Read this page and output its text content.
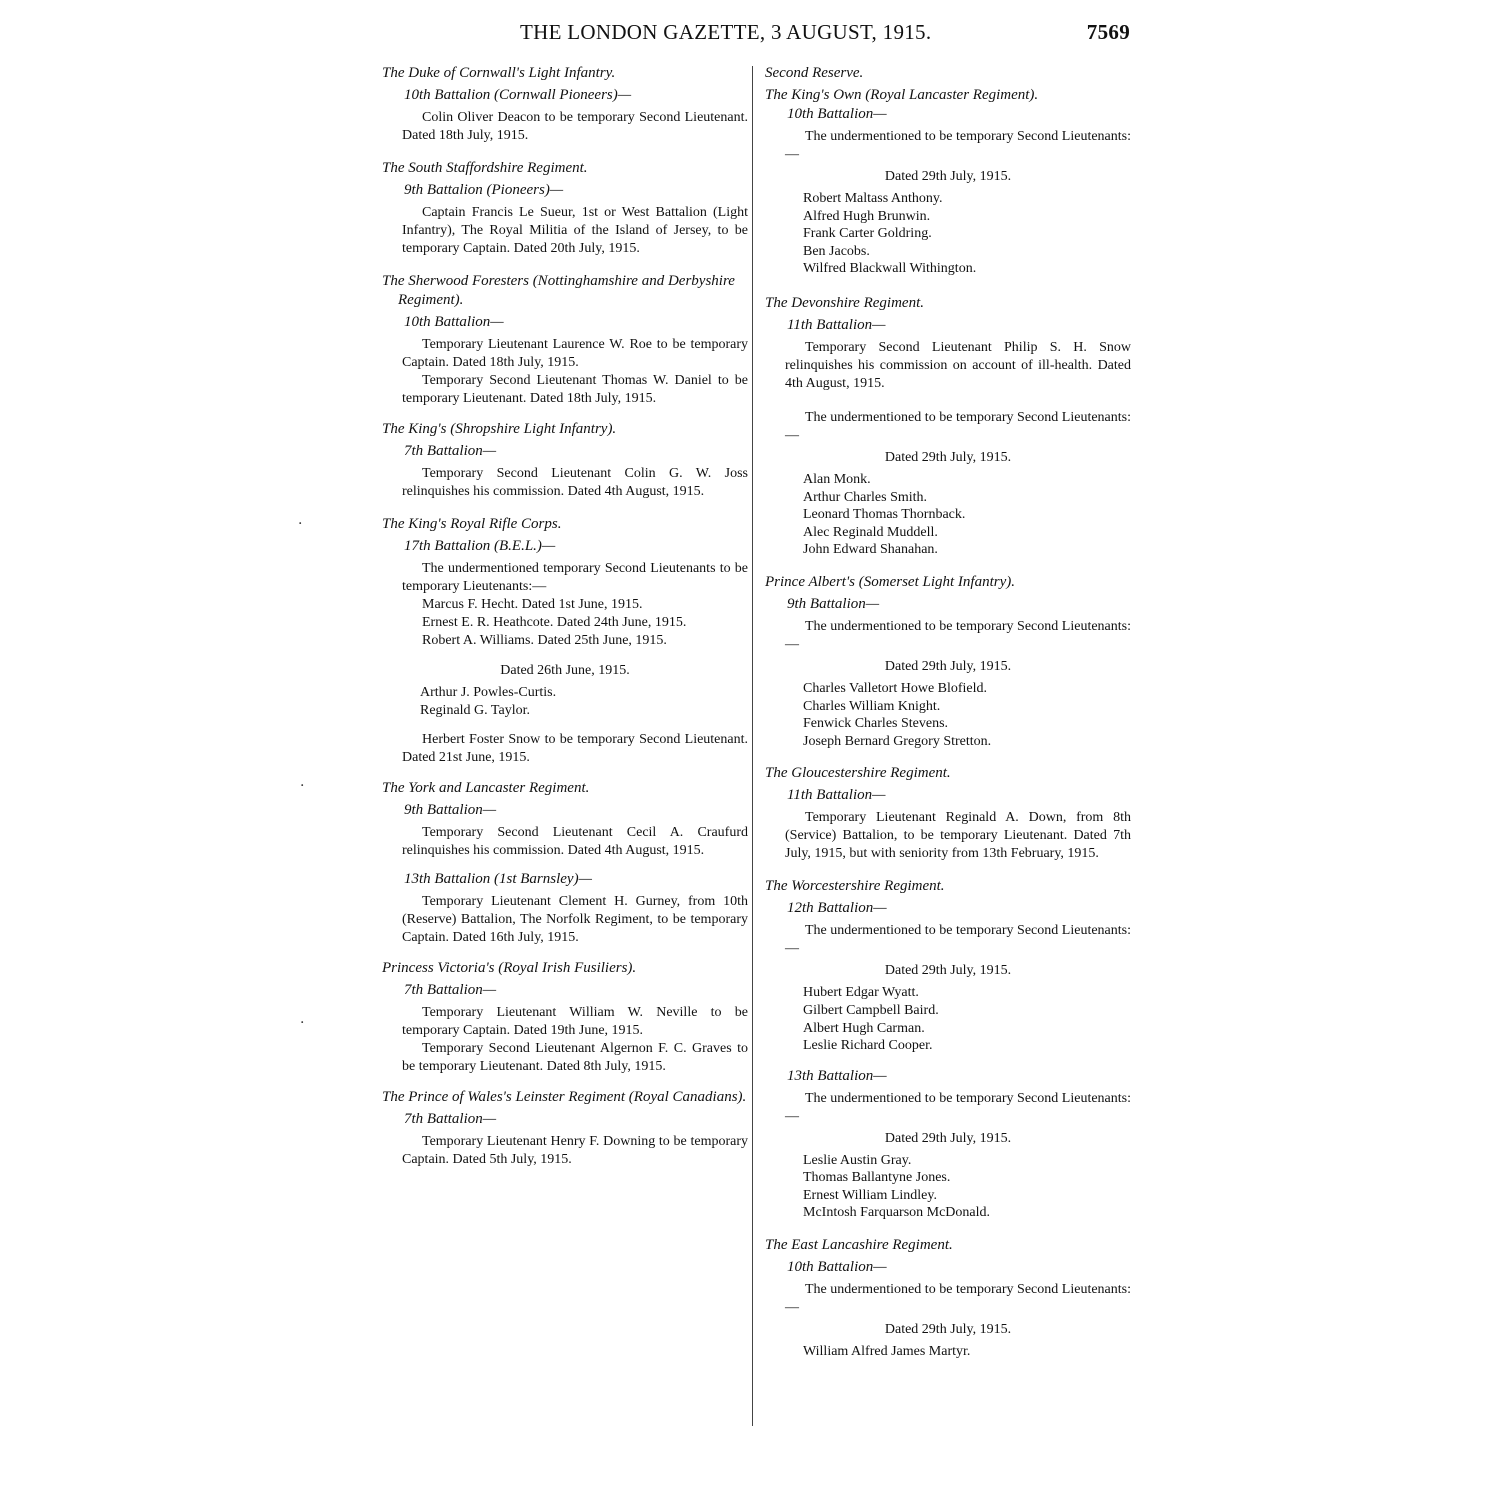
THE LONDON GAZETTE, 3 AUGUST, 1915.	7569

The Duke of Cornwall's Light Infantry.

10th Battalion (Cornwall Pioneers)—

Colin Oliver Deacon to be temporary Second Lieutenant. Dated 18th July, 1915.

The South Staffordshire Regiment.

9th Battalion (Pioneers)—

Captain Francis Le Sueur, 1st or West Battalion (Light Infantry), The Royal Militia of the Island of Jersey, to be temporary Captain. Dated 20th July, 1915.

The Sherwood Foresters (Nottinghamshire and Derbyshire Regiment).

10th Battalion—

Temporary Lieutenant Laurence W. Roe to be temporary Captain. Dated 18th July, 1915.

Temporary Second Lieutenant Thomas W. Daniel to be temporary Lieutenant. Dated 18th July, 1915.

The King's (Shropshire Light Infantry).

7th Battalion—

Temporary Second Lieutenant Colin G. W. Joss relinquishes his commission. Dated 4th August, 1915.

The King's Royal Rifle Corps.

17th Battalion (B.E.L.)—

The undermentioned temporary Second Lieutenants to be temporary Lieutenants:—

Marcus F. Hecht. Dated 1st June, 1915.

Ernest E. R. Heathcote. Dated 24th June, 1915.

Robert A. Williams. Dated 25th June, 1915.

Dated 26th June, 1915.

Arthur J. Powles-Curtis.

Reginald G. Taylor.

Herbert Foster Snow to be temporary Second Lieutenant. Dated 21st June, 1915.

The York and Lancaster Regiment.

9th Battalion—

Temporary Second Lieutenant Cecil A. Craufurd relinquishes his commission. Dated 4th August, 1915.

13th Battalion (1st Barnsley)—

Temporary Lieutenant Clement H. Gurney, from 10th (Reserve) Battalion, The Norfolk Regiment, to be temporary Captain. Dated 16th July, 1915.

Princess Victoria's (Royal Irish Fusiliers).

7th Battalion—

Temporary Lieutenant William W. Neville to be temporary Captain. Dated 19th June, 1915.

Temporary Second Lieutenant Algernon F. C. Graves to be temporary Lieutenant. Dated 8th July, 1915.

The Prince of Wales's Leinster Regiment (Royal Canadians).

7th Battalion—

Temporary Lieutenant Henry F. Downing to be temporary Captain. Dated 5th July, 1915.

Second Reserve.

The King's Own (Royal Lancaster Regiment).

10th Battalion—

The undermentioned to be temporary Second Lieutenants:—

Dated 29th July, 1915.

Robert Maltass Anthony.

Alfred Hugh Brunwin.

Frank Carter Goldring.

Ben Jacobs.

Wilfred Blackwall Withington.

The Devonshire Regiment.

11th Battalion—

Temporary Second Lieutenant Philip S. H. Snow relinquishes his commission on account of ill-health. Dated 4th August, 1915.

The undermentioned to be temporary Second Lieutenants:—

Dated 29th July, 1915.

Alan Monk.

Arthur Charles Smith.

Leonard Thomas Thornback.

Alec Reginald Muddell.

John Edward Shanahan.

Prince Albert's (Somerset Light Infantry).

9th Battalion—

The undermentioned to be temporary Second Lieutenants:—

Dated 29th July, 1915.

Charles Valletort Howe Blofield.

Charles William Knight.

Fenwick Charles Stevens.

Joseph Bernard Gregory Stretton.

The Gloucestershire Regiment.

11th Battalion—

Temporary Lieutenant Reginald A. Down, from 8th (Service) Battalion, to be temporary Lieutenant. Dated 7th July, 1915, but with seniority from 13th February, 1915.

The Worcestershire Regiment.

12th Battalion—

The undermentioned to be temporary Second Lieutenants:—

Dated 29th July, 1915.

Hubert Edgar Wyatt.

Gilbert Campbell Baird.

Albert Hugh Carman.

Leslie Richard Cooper.

13th Battalion—

The undermentioned to be temporary Second Lieutenants:—

Dated 29th July, 1915.

Leslie Austin Gray.

Thomas Ballantyne Jones.

Ernest William Lindley.

McIntosh Farquarson McDonald.

The East Lancashire Regiment.

10th Battalion—

The undermentioned to be temporary Second Lieutenants:—

Dated 29th July, 1915.

William Alfred James Martyr.

·
·
·
